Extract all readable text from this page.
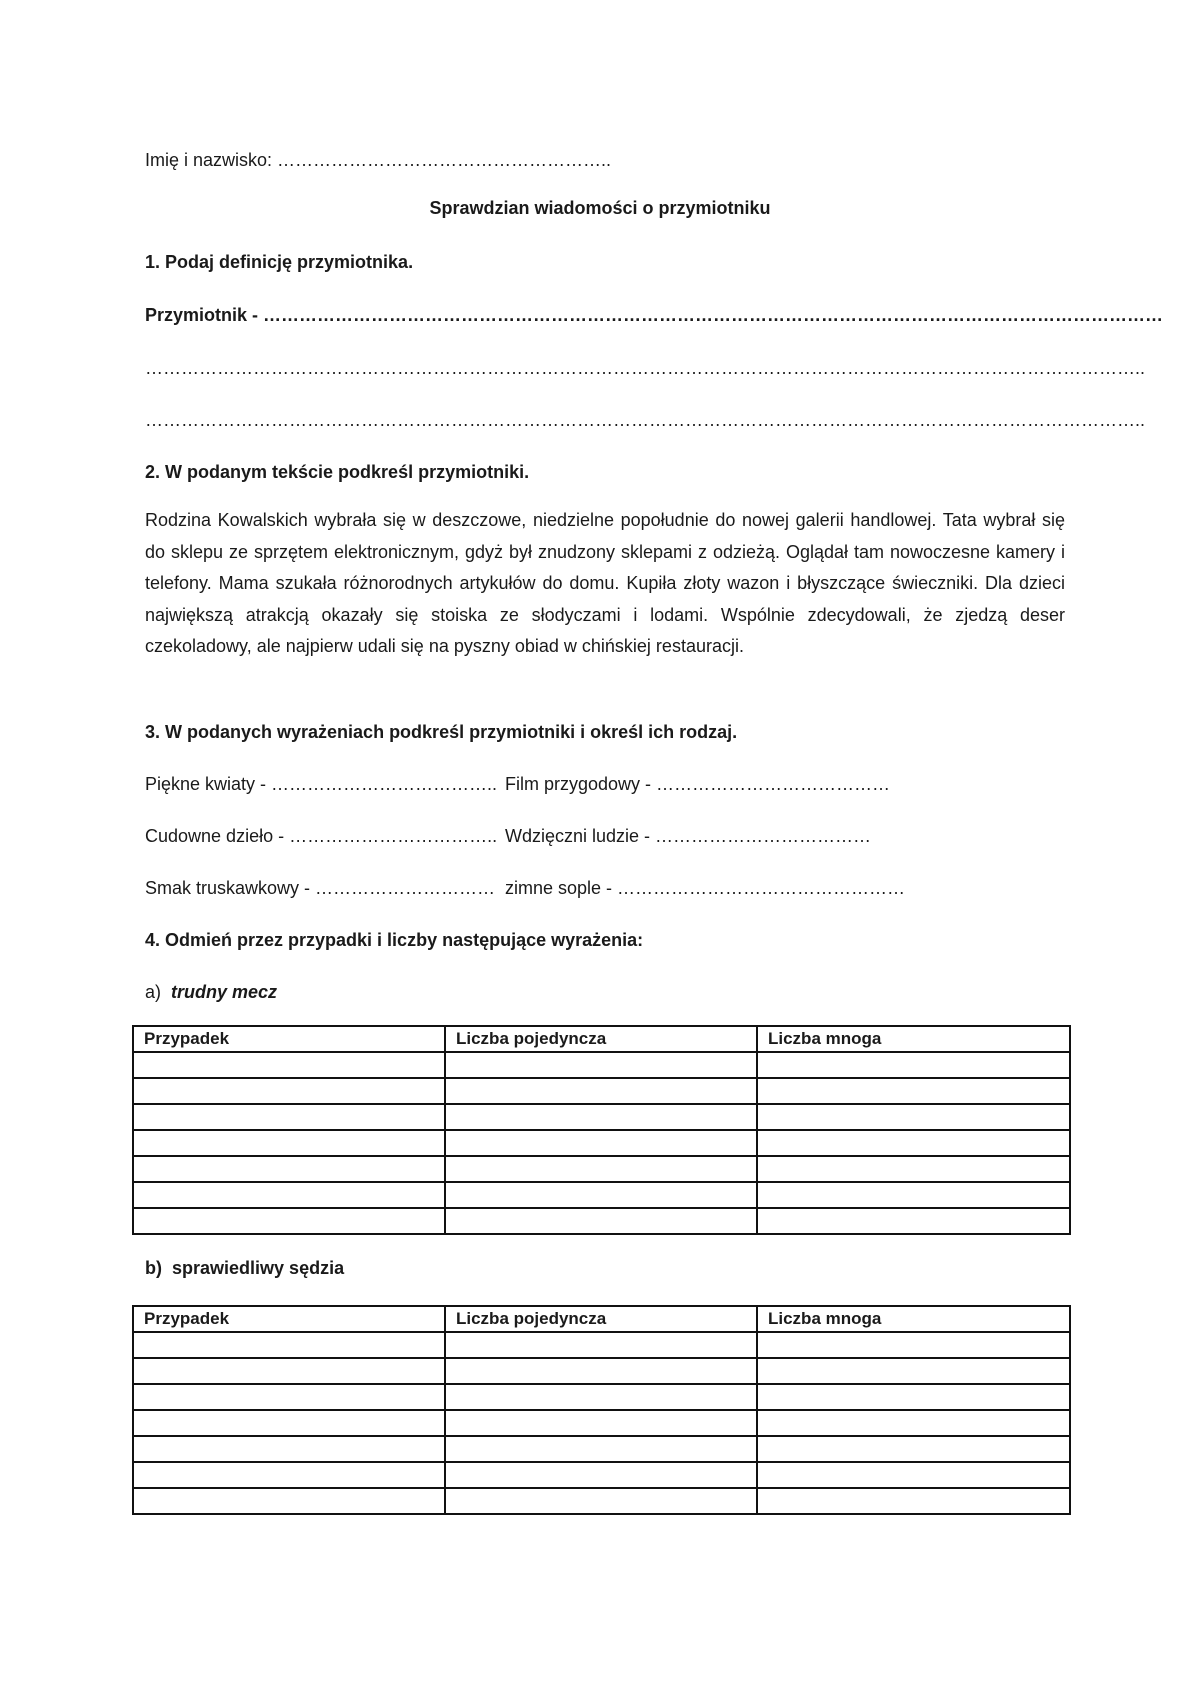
Imię i nazwisko: ………………………………………………..
Sprawdzian wiadomości o przymiotniku
1. Podaj definicję przymiotnika.
Przymiotnik - ……………………………………………………………………………………………………………………………………
…………………………………………………………………………………………………………………………………………………..
…………………………………………………………………………………………………………………………………………………..
2. W podanym tekście podkreśl przymiotniki.
Rodzina Kowalskich wybrała się w deszczowe, niedzielne popołudnie do nowej galerii handlowej. Tata wybrał się do sklepu ze sprzętem elektronicznym, gdyż był znudzony sklepami z odzieżą. Oglądał tam nowoczesne kamery i telefony. Mama szukała różnorodnych artykułów do domu. Kupiła złoty wazon i błyszczące świeczniki. Dla dzieci największą atrakcją okazały się stoiska ze słodyczami i lodami. Wspólnie zdecydowali, że zjedzą deser czekoladowy, ale najpierw udali się na pyszny obiad w chińskiej restauracji.
3. W podanych wyrażeniach podkreśl przymiotniki i określ ich rodzaj.
Piękne kwiaty - ……………………………….. Film przygodowy - …………………………………
Cudowne dzieło - …………………………….. Wdzięczni ludzie - ………………………………
Smak truskawkowy - ………………………… zimne sople - …………………………………………
4. Odmień przez przypadki i liczby następujące wyrażenia:
a) trudny mecz
Przypadek	Liczba pojedyncza	Liczba mnoga

b) sprawiedliwy sędzia
Przypadek	Liczba pojedyncza	Liczba mnoga
